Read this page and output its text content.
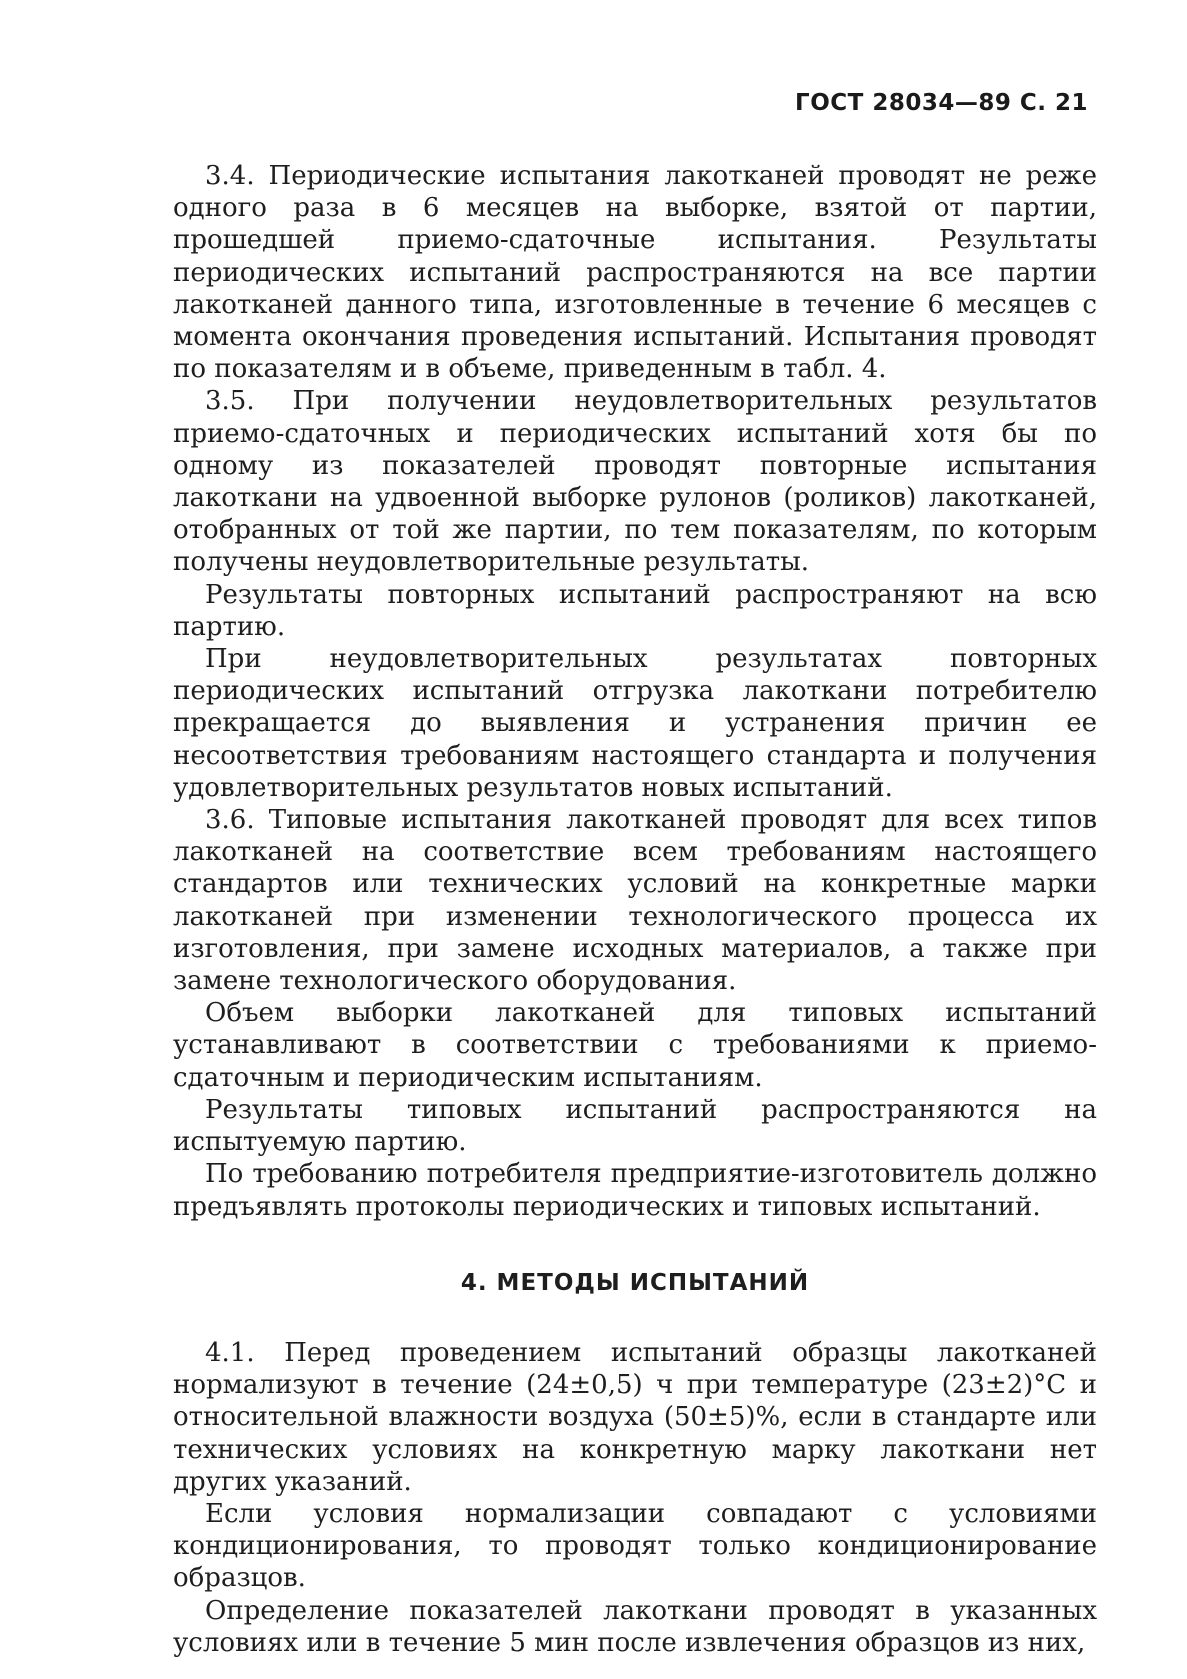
ГОСТ 28034—89 С. 21

3.4. Периодические испытания лакотканей проводят не реже одного раза в 6 месяцев на выборке, взятой от партии, прошедшей приемо-сдаточные испытания. Результаты периодических испытаний распространяются на все партии лакотканей данного типа, изготовленные в течение 6 месяцев с момента окончания проведения испытаний. Испытания проводят по показателям и в объеме, приведенным в табл. 4.

3.5. При получении неудовлетворительных результатов приемо-сдаточных и периодических испытаний хотя бы по одному из показателей проводят повторные испытания лакоткани на удвоенной выборке рулонов (роликов) лакотканей, отобранных от той же партии, по тем показателям, по которым получены неудовлетворительные результаты.

Результаты повторных испытаний распространяют на всю партию.

При неудовлетворительных результатах повторных периодических испытаний отгрузка лакоткани потребителю прекращается до выявления и устранения причин ее несоответствия требованиям настоящего стандарта и получения удовлетворительных результатов новых испытаний.

3.6. Типовые испытания лакотканей проводят для всех типов лакотканей на соответствие всем требованиям настоящего стандартов или технических условий на конкретные марки лакотканей при изменении технологического процесса их изготовления, при замене исходных материалов, а также при замене технологического оборудования.

Объем выборки лакотканей для типовых испытаний устанавливают в соответствии с требованиями к приемо-сдаточным и периодическим испытаниям.

Результаты типовых испытаний распространяются на испытуемую партию.

По требованию потребителя предприятие-изготовитель должно предъявлять протоколы периодических и типовых испытаний.

4. МЕТОДЫ ИСПЫТАНИЙ

4.1. Перед проведением испытаний образцы лакотканей нормализуют в течение (24±0,5) ч при температуре (23±2)°С и относительной влажности воздуха (50±5)%, если в стандарте или технических условиях на конкретную марку лакоткани нет других указаний.

Если условия нормализации совпадают с условиями кондиционирования, то проводят только кондиционирование образцов.

Определение показателей лакоткани проводят в указанных условиях или в течение 5 мин после извлечения образцов из них,
